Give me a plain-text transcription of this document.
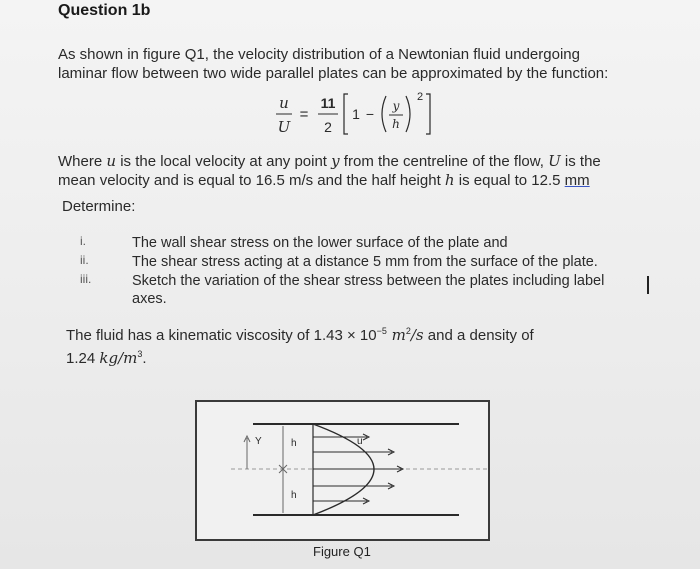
Question 1b
As shown in figure Q1, the velocity distribution of a Newtonian fluid undergoing
laminar flow between two wide parallel plates can be approximated by the function:
u
U
=
11
2
1 − y
h
2
Where u is the local velocity at any point y from the centreline of the flow, U is the
mean velocity and is equal to 16.5 m/s and the half height h is equal to 12.5 mm
Determine:
i.	The wall shear stress on the lower surface of the plate and
ii.	The shear stress acting at a distance 5 mm from the surface of the plate.
iii.	Sketch the variation of the shear stress between the plates including label
axes.
The fluid has a kinematic viscosity of $1.43 \times 10^{-5}$ $m^2/s$ and a density of
1.24 $kg/m^3$.
Y	h
h
u
Figure Q1
